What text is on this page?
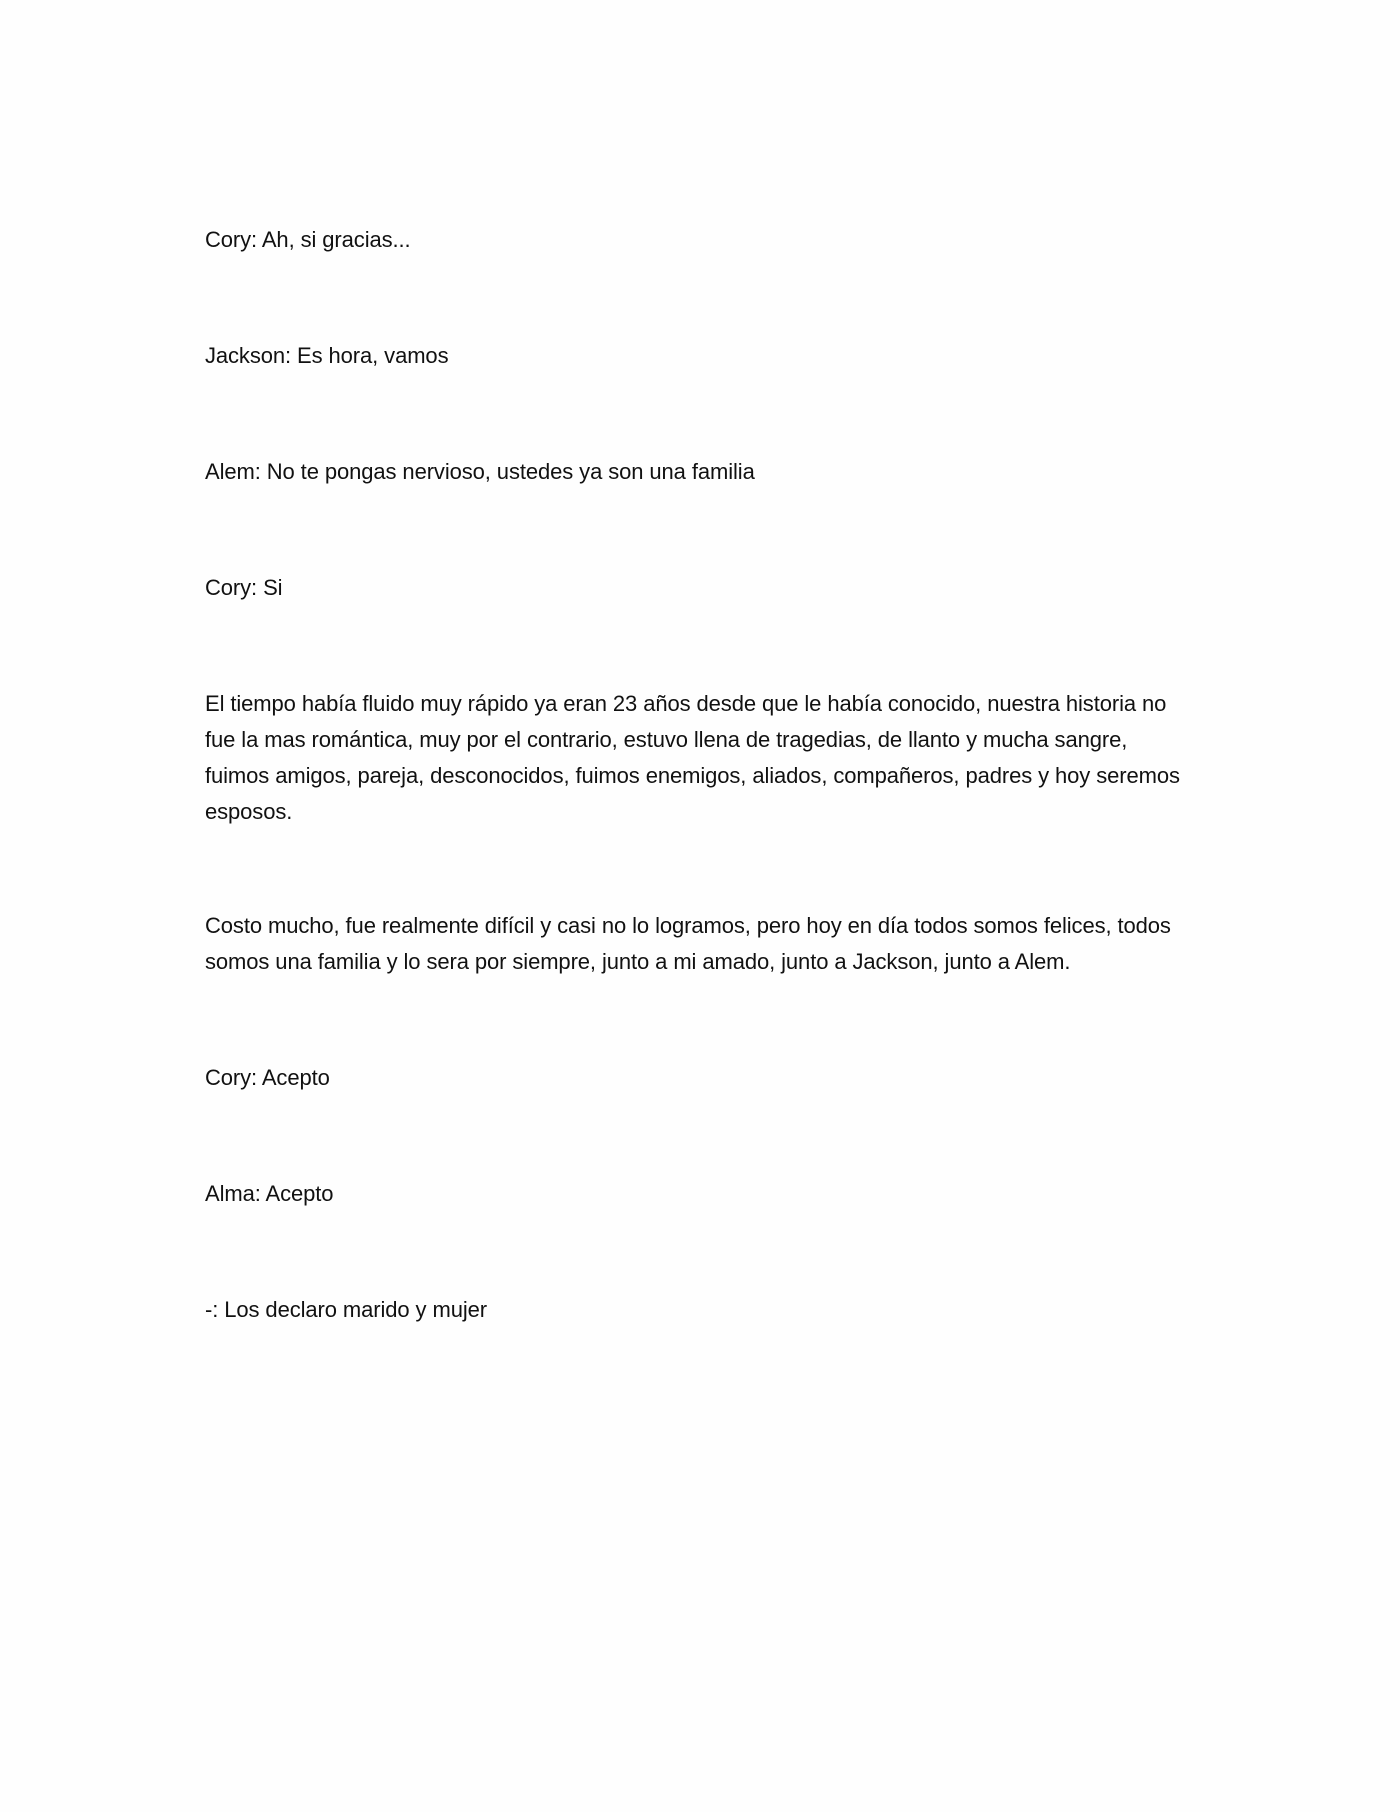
Cory: Ah, si gracias...

Jackson: Es hora, vamos

Alem: No te pongas nervioso, ustedes ya son una familia

Cory: Si

El tiempo había fluido muy rápido ya eran 23 años desde que le había conocido, nuestra historia no fue la mas romántica, muy por el contrario, estuvo llena de tragedias, de llanto y mucha sangre, fuimos amigos, pareja, desconocidos, fuimos enemigos, aliados, compañeros, padres y hoy seremos esposos.

Costo mucho, fue realmente difícil y casi no lo logramos, pero hoy en día todos somos felices, todos somos una familia y lo sera por siempre, junto a mi amado, junto a Jackson, junto a Alem.

Cory: Acepto

Alma: Acepto

-: Los declaro marido y mujer
